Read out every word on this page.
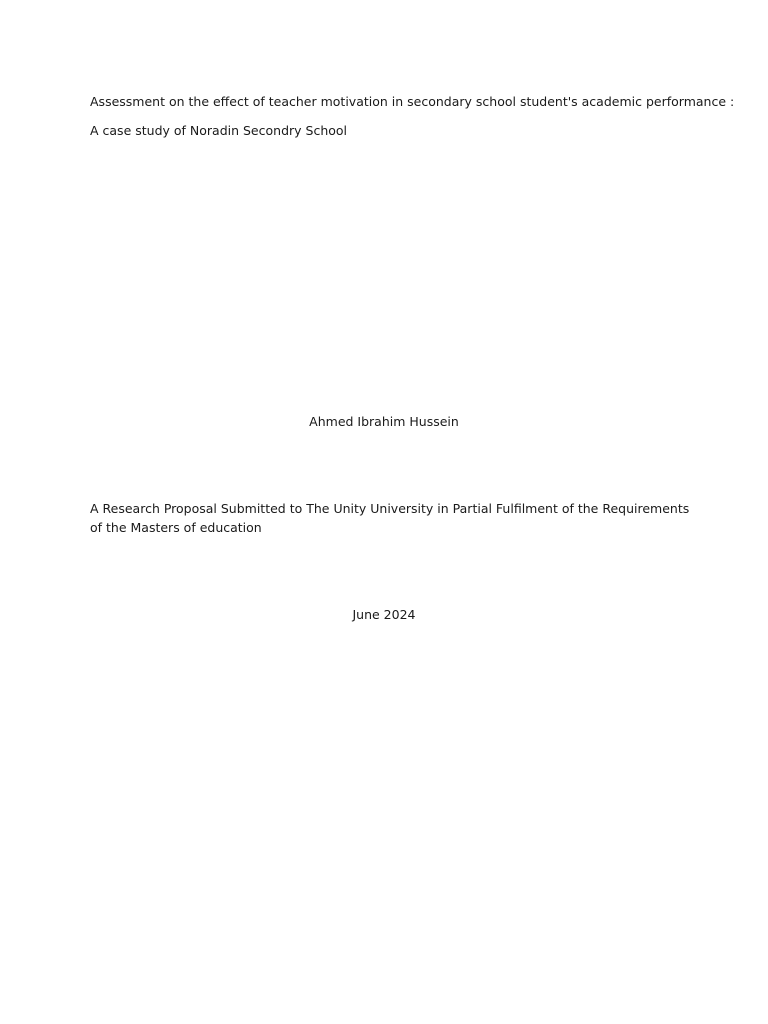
Assessment on the effect of teacher motivation in secondary school student's academic performance :
A case study of Noradin Secondry School
Ahmed Ibrahim Hussein
A Research Proposal Submitted to The Unity University in Partial Fulfilment of the Requirements of the Masters of education
June 2024
